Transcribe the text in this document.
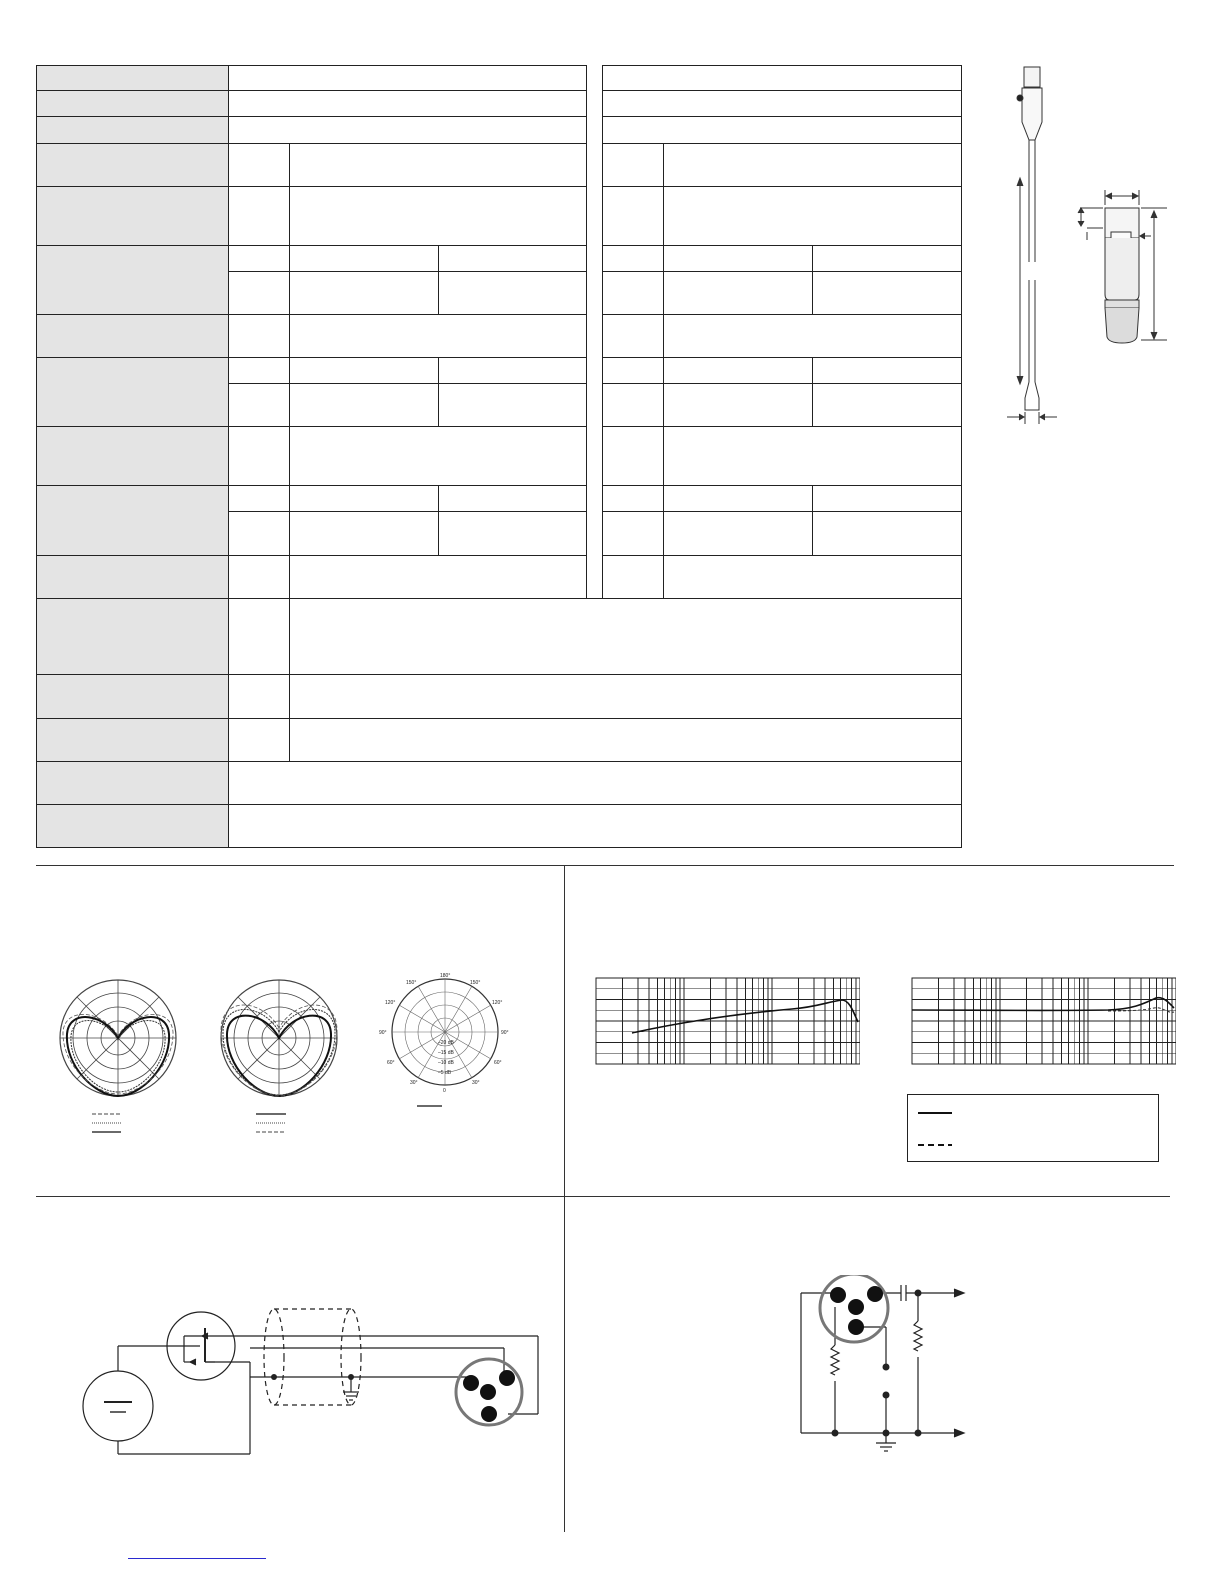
180°
150°	150°
120°	120°
90°	90°
60°	60°
30°	30°
0
–20 dB
–15 dB
–10 dB
–5 dB
